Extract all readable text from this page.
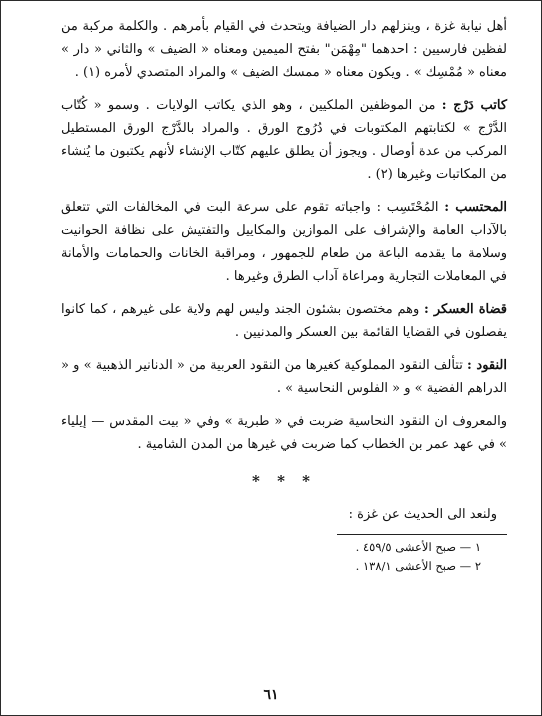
أهل نيابة غزة ، وينزلهم دار الضيافة ويتحدث في القيام بأمرهم . والكلمة مركبة من لفظين فارسيين : احدهما "مِهْمَن" بفتح الميمين ومعناه « الضيف » والثاني « دار » معناه « مُمْسِك » . ويكون معناه « ممسك الضيف » والمراد المتصدي لأمره (١) .

كاتب دَرْج : من الموظفين الملكيين ، وهو الذي يكاتب الولايات . وسمو « كُتّاب الدَّرْج » لكتابتهم المكتوبات في دُرُوج الورق . والمراد بالدَّرْج الورق المستطيل المركب من عدة أوصال . ويجوز أن يطلق عليهم كتّاب الإنشاء لأنهم يكتبون ما يُنشاء من المكاتبات وغيرها (٢) .

المحتسب : المُحْتَسِب : واجباته تقوم على سرعة البت في المخالفات التي تتعلق بالآداب العامة والإشراف على الموازين والمكاييل والتفتيش على نظافة الحوانيت وسلامة ما يقدمه الباعة من طعام للجمهور ، ومراقبة الخانات والحمامات والأمانة في المعاملات التجارية ومراعاة آداب الطرق وغيرها .

قضاة العسكر : وهم مختصون بشئون الجند وليس لهم ولاية على غيرهم ، كما كانوا يفصلون في القضايا القائمة بين العسكر والمدنيين .

النقود : تتألف النقود المملوكية كغيرها من النقود العربية من « الدنانير الذهبية » و « الدراهم الفضية » و « الفلوس النحاسية » .

والمعروف ان النقود النحاسية ضربت في « طبرية » وفي « بيت المقدس — إيلياء » في عهد عمر بن الخطاب كما ضربت في غيرها من المدن الشامية .

* * *

ولنعد الى الحديث عن غزة :

١ — صبح الأعشى ٤٥٩/٥ .
٢ — صبح الأعشى ١٣٨/١ .
٦١
